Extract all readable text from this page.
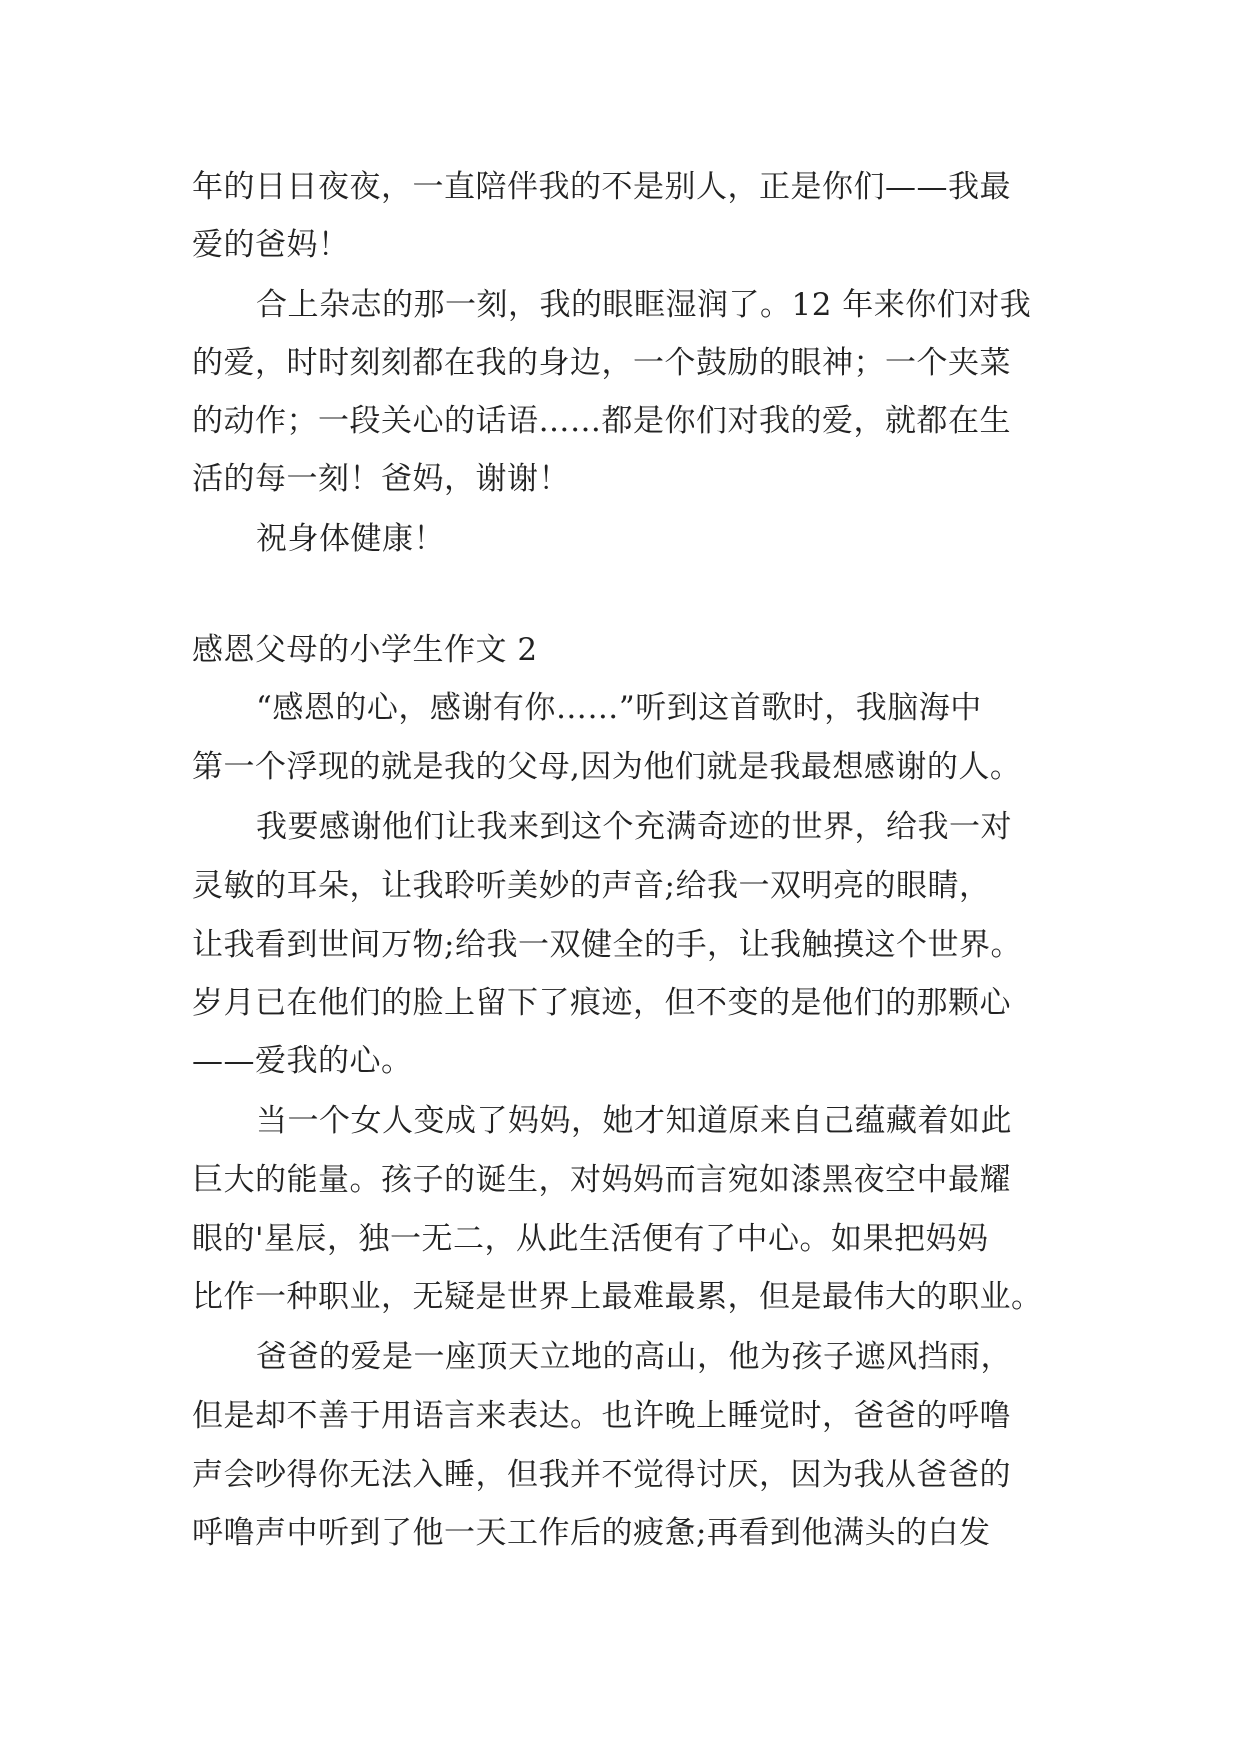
年的日日夜夜，一直陪伴我的不是别人，正是你们——我最
爱的爸妈！
合上杂志的那一刻，我的眼眶湿润了。12 年来你们对我
的爱，时时刻刻都在我的身边，一个鼓励的眼神；一个夹菜
的动作；一段关心的话语……都是你们对我的爱，就都在生
活的每一刻！爸妈，谢谢！
祝身体健康！
感恩父母的小学生作文 2
“感恩的心，感谢有你……”听到这首歌时，我脑海中
第一个浮现的就是我的父母,因为他们就是我最想感谢的人。
我要感谢他们让我来到这个充满奇迹的世界，给我一对
灵敏的耳朵，让我聆听美妙的声音;给我一双明亮的眼睛，
让我看到世间万物;给我一双健全的手，让我触摸这个世界。
岁月已在他们的脸上留下了痕迹，但不变的是他们的那颗心
——爱我的心。
当一个女人变成了妈妈，她才知道原来自己蕴藏着如此
巨大的能量。孩子的诞生，对妈妈而言宛如漆黑夜空中最耀
眼的'星辰，独一无二，从此生活便有了中心。如果把妈妈
比作一种职业，无疑是世界上最难最累，但是最伟大的职业。
爸爸的爱是一座顶天立地的高山，他为孩子遮风挡雨，
但是却不善于用语言来表达。也许晚上睡觉时，爸爸的呼噜
声会吵得你无法入睡，但我并不觉得讨厌，因为我从爸爸的
呼噜声中听到了他一天工作后的疲惫;再看到他满头的白发
